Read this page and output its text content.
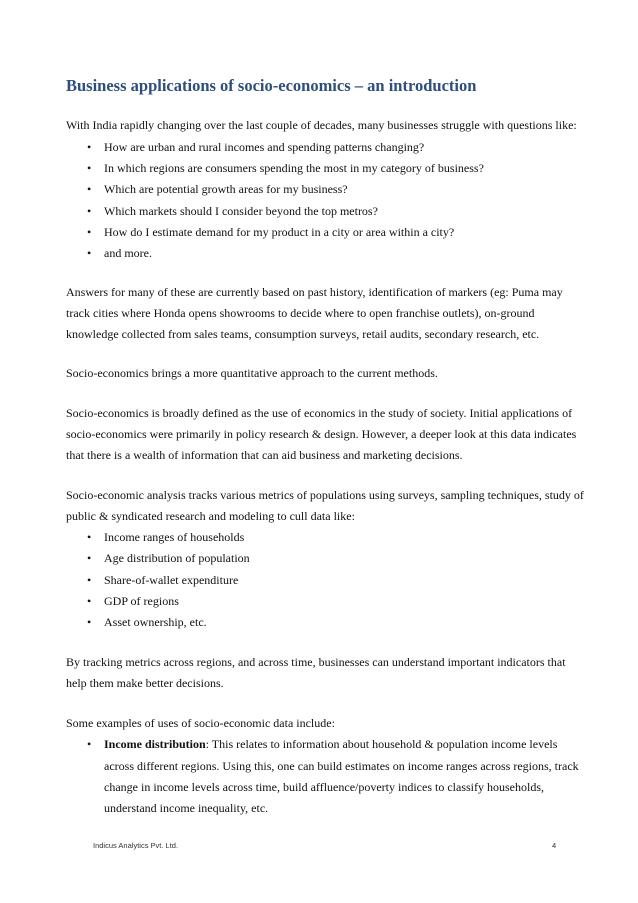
Business applications of socio-economics – an introduction

With India rapidly changing over the last couple of decades, many businesses struggle with questions like:

•	How are urban and rural incomes and spending patterns changing?

•	In which regions are consumers spending the most in my category of business?

•	Which are potential growth areas for my business?

•	Which markets should I consider beyond the top metros?

•	How do I estimate demand for my product in a city or area within a city?

•	and more.

Answers for many of these are currently based on past history, identification of markers (eg: Puma may

track cities where Honda opens showrooms to decide where to open franchise outlets), on-ground

knowledge collected from sales teams, consumption surveys, retail audits, secondary research, etc.

Socio-economics brings a more quantitative approach to the current methods.

Socio-economics is broadly defined as the use of economics in the study of society. Initial applications of

socio-economics were primarily in policy research & design. However, a deeper look at this data indicates

that there is a wealth of information that can aid business and marketing decisions.

Socio-economic analysis tracks various metrics of populations using surveys, sampling techniques, study of

public & syndicated research and modeling to cull data like:

•	Income ranges of households

•	Age distribution of population

•	Share-of-wallet expenditure

•	GDP of regions

•	Asset ownership, etc.

By tracking metrics across regions, and across time, businesses can understand important indicators that

help them make better decisions.

Some examples of uses of socio-economic data include:

•	Income distribution: This relates to information about household & population income levels

across different regions. Using this, one can build estimates on income ranges across regions, track

change in income levels across time, build affluence/poverty indices to classify households,

understand income inequality, etc.

Indicus Analytics Pvt. Ltd.	4
